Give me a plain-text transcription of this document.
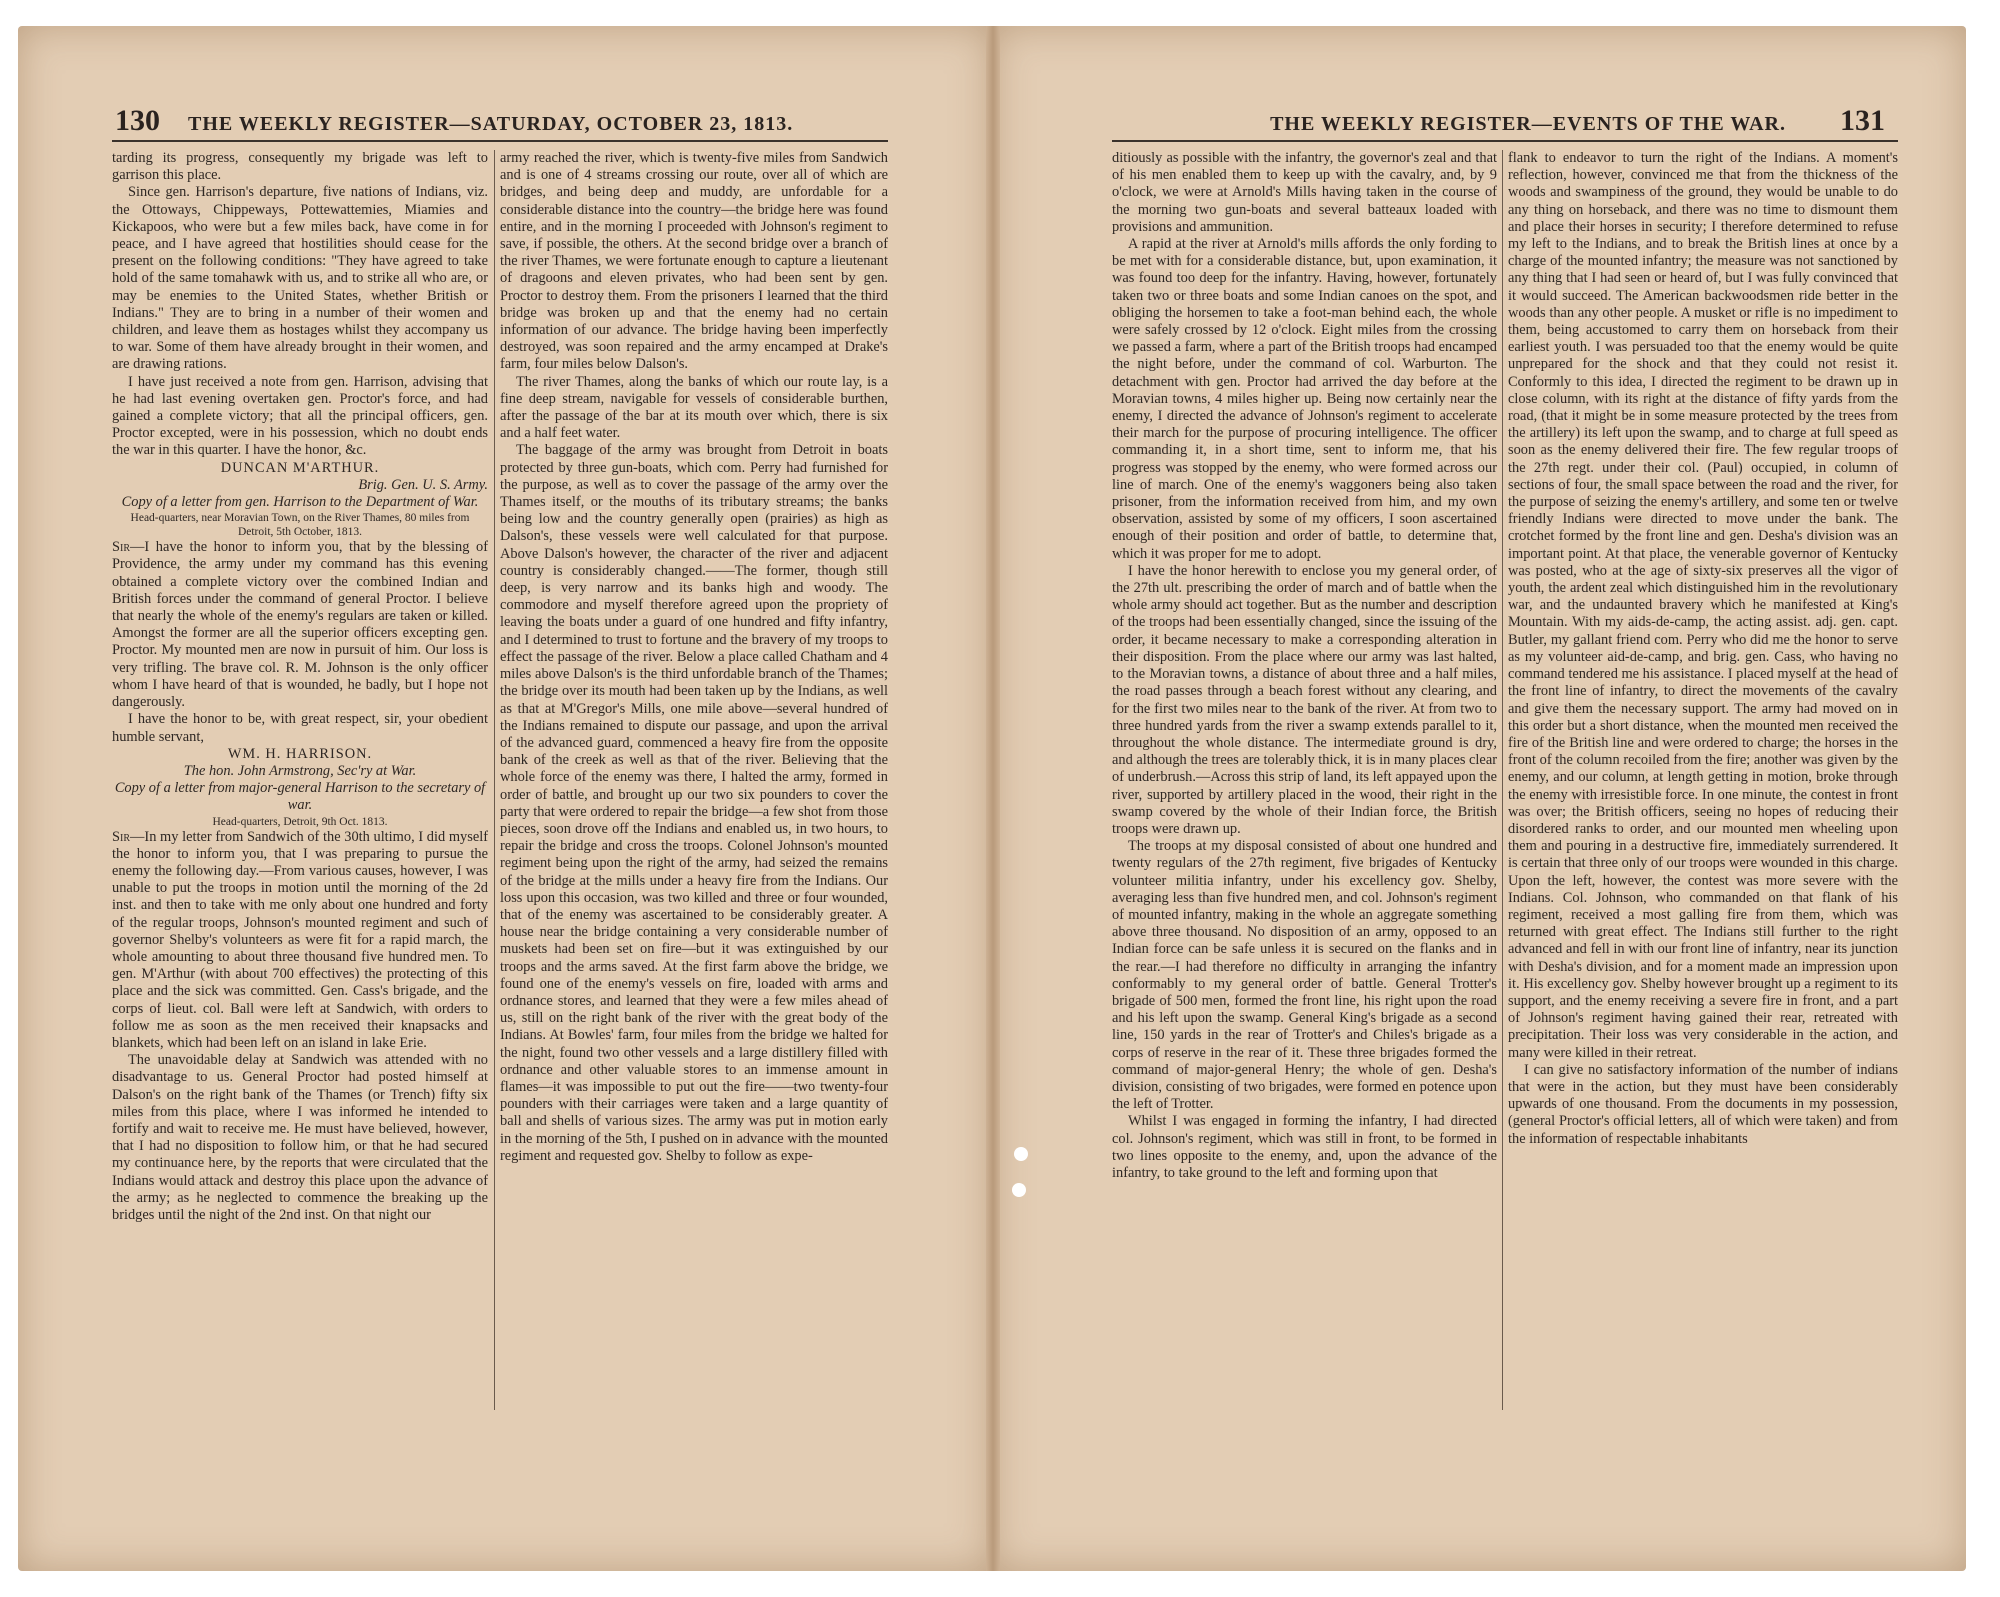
130 THE WEEKLY REGISTER—SATURDAY, OCTOBER 23, 1813.	THE WEEKLY REGISTER—EVENTS OF THE WAR. 131

tarding its progress, consequently my brigade was left to garrison this place.

Since gen. Harrison's departure, five nations of Indians, viz. the Ottoways, Chippeways, Pottewattemies, Miamies and Kickapoos, who were but a few miles back, have come in for peace, and I have agreed that hostilities should cease for the present on the following conditions: "They have agreed to take hold of the same tomahawk with us, and to strike all who are, or may be enemies to the United States, whether British or Indians." They are to bring in a number of their women and children, and leave them as hostages whilst they accompany us to war. Some of them have already brought in their women, and are drawing rations.

I have just received a note from gen. Harrison, advising that he had last evening overtaken gen. Proctor's force, and had gained a complete victory; that all the principal officers, gen. Proctor excepted, were in his possession, which no doubt ends the war in this quarter. I have the honor, &c.

DUNCAN M'ARTHUR.

Brig. Gen. U. S. Army.

Copy of a letter from gen. Harrison to the Department of War.

Head-quarters, near Moravian Town, on the River Thames, 80 miles from Detroit, 5th October, 1813.

Sir—I have the honor to inform you, that by the blessing of Providence, the army under my command has this evening obtained a complete victory over the combined Indian and British forces under the command of general Proctor. I believe that nearly the whole of the enemy's regulars are taken or killed. Amongst the former are all the superior officers excepting gen. Proctor. My mounted men are now in pursuit of him. Our loss is very trifling. The brave col. R. M. Johnson is the only officer whom I have heard of that is wounded, he badly, but I hope not dangerously.

I have the honor to be, with great respect, sir, your obedient humble servant,

WM. H. HARRISON.

The hon. John Armstrong, Sec'ry at War.

Copy of a letter from major-general Harrison to the secretary of war.

Head-quarters, Detroit, 9th Oct. 1813.

Sir—In my letter from Sandwich of the 30th ultimo, I did myself the honor to inform you, that I was preparing to pursue the enemy the following day.—From various causes, however, I was unable to put the troops in motion until the morning of the 2d inst. and then to take with me only about one hundred and forty of the regular troops, Johnson's mounted regiment and such of governor Shelby's volunteers as were fit for a rapid march, the whole amounting to about three thousand five hundred men. To gen. M'Arthur (with about 700 effectives) the protecting of this place and the sick was committed. Gen. Cass's brigade, and the corps of lieut. col. Ball were left at Sandwich, with orders to follow me as soon as the men received their knapsacks and blankets, which had been left on an island in lake Erie.

The unavoidable delay at Sandwich was attended with no disadvantage to us. General Proctor had posted himself at Dalson's on the right bank of the Thames (or Trench) fifty six miles from this place, where I was informed he intended to fortify and wait to receive me. He must have believed, however, that I had no disposition to follow him, or that he had secured my continuance here, by the reports that were circulated that the Indians would attack and destroy this place upon the advance of the army; as he neglected to commence the breaking up the bridges until the night of the 2nd inst. On that night our

army reached the river, which is twenty-five miles from Sandwich and is one of 4 streams crossing our route, over all of which are bridges, and being deep and muddy, are unfordable for a considerable distance into the country—the bridge here was found entire, and in the morning I proceeded with Johnson's regiment to save, if possible, the others. At the second bridge over a branch of the river Thames, we were fortunate enough to capture a lieutenant of dragoons and eleven privates, who had been sent by gen. Proctor to destroy them. From the prisoners I learned that the third bridge was broken up and that the enemy had no certain information of our advance. The bridge having been imperfectly destroyed, was soon repaired and the army encamped at Drake's farm, four miles below Dalson's.

The river Thames, along the banks of which our route lay, is a fine deep stream, navigable for vessels of considerable burthen, after the passage of the bar at its mouth over which, there is six and a half feet water.

The baggage of the army was brought from Detroit in boats protected by three gun-boats, which com. Perry had furnished for the purpose, as well as to cover the passage of the army over the Thames itself, or the mouths of its tributary streams; the banks being low and the country generally open (prairies) as high as Dalson's, these vessels were well calculated for that purpose. Above Dalson's however, the character of the river and adjacent country is considerably changed.——The former, though still deep, is very narrow and its banks high and woody. The commodore and myself therefore agreed upon the propriety of leaving the boats under a guard of one hundred and fifty infantry, and I determined to trust to fortune and the bravery of my troops to effect the passage of the river. Below a place called Chatham and 4 miles above Dalson's is the third unfordable branch of the Thames; the bridge over its mouth had been taken up by the Indians, as well as that at M'Gregor's Mills, one mile above—several hundred of the Indians remained to dispute our passage, and upon the arrival of the advanced guard, commenced a heavy fire from the opposite bank of the creek as well as that of the river. Believing that the whole force of the enemy was there, I halted the army, formed in order of battle, and brought up our two six pounders to cover the party that were ordered to repair the bridge—a few shot from those pieces, soon drove off the Indians and enabled us, in two hours, to repair the bridge and cross the troops. Colonel Johnson's mounted regiment being upon the right of the army, had seized the remains of the bridge at the mills under a heavy fire from the Indians. Our loss upon this occasion, was two killed and three or four wounded, that of the enemy was ascertained to be considerably greater. A house near the bridge containing a very considerable number of muskets had been set on fire—but it was extinguished by our troops and the arms saved. At the first farm above the bridge, we found one of the enemy's vessels on fire, loaded with arms and ordnance stores, and learned that they were a few miles ahead of us, still on the right bank of the river with the great body of the Indians. At Bowles' farm, four miles from the bridge we halted for the night, found two other vessels and a large distillery filled with ordnance and other valuable stores to an immense amount in flames—it was impossible to put out the fire——two twenty-four pounders with their carriages were taken and a large quantity of ball and shells of various sizes. The army was put in motion early in the morning of the 5th, I pushed on in advance with the mounted regiment and requested gov. Shelby to follow as expe-

ditiously as possible with the infantry, the governor's zeal and that of his men enabled them to keep up with the cavalry, and, by 9 o'clock, we were at Arnold's Mills having taken in the course of the morning two gun-boats and several batteaux loaded with provisions and ammunition.

A rapid at the river at Arnold's mills affords the only fording to be met with for a considerable distance, but, upon examination, it was found too deep for the infantry. Having, however, fortunately taken two or three boats and some Indian canoes on the spot, and obliging the horsemen to take a foot-man behind each, the whole were safely crossed by 12 o'clock. Eight miles from the crossing we passed a farm, where a part of the British troops had encamped the night before, under the command of col. Warburton. The detachment with gen. Proctor had arrived the day before at the Moravian towns, 4 miles higher up. Being now certainly near the enemy, I directed the advance of Johnson's regiment to accelerate their march for the purpose of procuring intelligence. The officer commanding it, in a short time, sent to inform me, that his progress was stopped by the enemy, who were formed across our line of march. One of the enemy's waggoners being also taken prisoner, from the information received from him, and my own observation, assisted by some of my officers, I soon ascertained enough of their position and order of battle, to determine that, which it was proper for me to adopt.

I have the honor herewith to enclose you my general order, of the 27th ult. prescribing the order of march and of battle when the whole army should act together. But as the number and description of the troops had been essentially changed, since the issuing of the order, it became necessary to make a corresponding alteration in their disposition. From the place where our army was last halted, to the Moravian towns, a distance of about three and a half miles, the road passes through a beach forest without any clearing, and for the first two miles near to the bank of the river. At from two to three hundred yards from the river a swamp extends parallel to it, throughout the whole distance. The intermediate ground is dry, and although the trees are tolerably thick, it is in many places clear of underbrush.—Across this strip of land, its left appayed upon the river, supported by artillery placed in the wood, their right in the swamp covered by the whole of their Indian force, the British troops were drawn up.

The troops at my disposal consisted of about one hundred and twenty regulars of the 27th regiment, five brigades of Kentucky volunteer militia infantry, under his excellency gov. Shelby, averaging less than five hundred men, and col. Johnson's regiment of mounted infantry, making in the whole an aggregate something above three thousand. No disposition of an army, opposed to an Indian force can be safe unless it is secured on the flanks and in the rear.—I had therefore no difficulty in arranging the infantry conformably to my general order of battle. General Trotter's brigade of 500 men, formed the front line, his right upon the road and his left upon the swamp. General King's brigade as a second line, 150 yards in the rear of Trotter's and Chiles's brigade as a corps of reserve in the rear of it. These three brigades formed the command of major-general Henry; the whole of gen. Desha's division, consisting of two brigades, were formed en potence upon the left of Trotter.

Whilst I was engaged in forming the infantry, I had directed col. Johnson's regiment, which was still in front, to be formed in two lines opposite to the enemy, and, upon the advance of the infantry, to take ground to the left and forming upon that

flank to endeavor to turn the right of the Indians. A moment's reflection, however, convinced me that from the thickness of the woods and swampiness of the ground, they would be unable to do any thing on horseback, and there was no time to dismount them and place their horses in security; I therefore determined to refuse my left to the Indians, and to break the British lines at once by a charge of the mounted infantry; the measure was not sanctioned by any thing that I had seen or heard of, but I was fully convinced that it would succeed. The American backwoodsmen ride better in the woods than any other people. A musket or rifle is no impediment to them, being accustomed to carry them on horseback from their earliest youth. I was persuaded too that the enemy would be quite unprepared for the shock and that they could not resist it. Conformly to this idea, I directed the regiment to be drawn up in close column, with its right at the distance of fifty yards from the road, (that it might be in some measure protected by the trees from the artillery) its left upon the swamp, and to charge at full speed as soon as the enemy delivered their fire. The few regular troops of the 27th regt. under their col. (Paul) occupied, in column of sections of four, the small space between the road and the river, for the purpose of seizing the enemy's artillery, and some ten or twelve friendly Indians were directed to move under the bank. The crotchet formed by the front line and gen. Desha's division was an important point. At that place, the venerable governor of Kentucky was posted, who at the age of sixty-six preserves all the vigor of youth, the ardent zeal which distinguished him in the revolutionary war, and the undaunted bravery which he manifested at King's Mountain. With my aids-de-camp, the acting assist. adj. gen. capt. Butler, my gallant friend com. Perry who did me the honor to serve as my volunteer aid-de-camp, and brig. gen. Cass, who having no command tendered me his assistance. I placed myself at the head of the front line of infantry, to direct the movements of the cavalry and give them the necessary support. The army had moved on in this order but a short distance, when the mounted men received the fire of the British line and were ordered to charge; the horses in the front of the column recoiled from the fire; another was given by the enemy, and our column, at length getting in motion, broke through the enemy with irresistible force. In one minute, the contest in front was over; the British officers, seeing no hopes of reducing their disordered ranks to order, and our mounted men wheeling upon them and pouring in a destructive fire, immediately surrendered. It is certain that three only of our troops were wounded in this charge. Upon the left, however, the contest was more severe with the Indians. Col. Johnson, who commanded on that flank of his regiment, received a most galling fire from them, which was returned with great effect. The Indians still further to the right advanced and fell in with our front line of infantry, near its junction with Desha's division, and for a moment made an impression upon it. His excellency gov. Shelby however brought up a regiment to its support, and the enemy receiving a severe fire in front, and a part of Johnson's regiment having gained their rear, retreated with precipitation. Their loss was very considerable in the action, and many were killed in their retreat.

I can give no satisfactory information of the number of indians that were in the action, but they must have been considerably upwards of one thousand. From the documents in my possession, (general Proctor's official letters, all of which were taken) and from the information of respectable inhabitants
